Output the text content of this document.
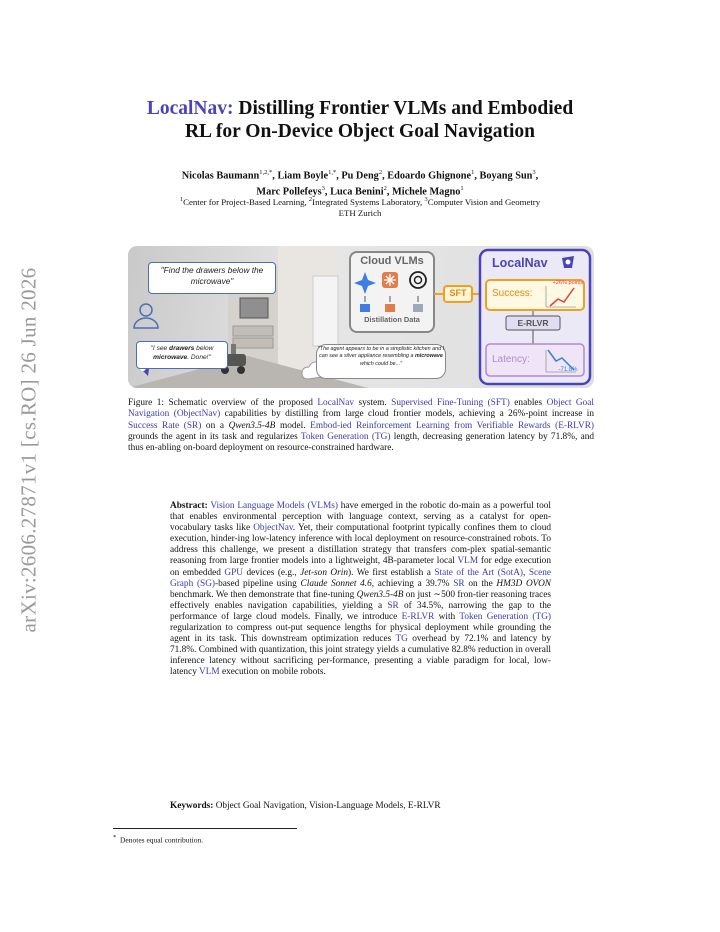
arXiv:2606.27871v1 [cs.RO] 26 Jun 2026
LocalNav: Distilling Frontier VLMs and Embodied
RL for On-Device Object Goal Navigation
Nicolas Baumann$^{1,2,*}$, Liam Boyle$^{1,*}$, Pu Deng$^2$, Edoardo Ghignone$^1$, Boyang Sun$^3$,
Marc Pollefeys$^3$, Luca Benini$^2$, Michele Magno$^1$
$^1$Center for Project-Based Learning, $^2$Integrated Systems Laboratory, $^3$Computer Vision and Geometry
ETH Zurich
"Find the drawers below the microwave"
"I see drawers below microwave. Done!"
"The agent appears to be in a simplistic kitchen and I can see a silver appliance resembling a microwave which could be..."
Cloud VLMs
Distillation Data
SFT
LocalNav
Success:
+26% points
E-RLVR
Latency:
-71.8%
Figure 1: Schematic overview of the proposed LocalNav system. Supervised Fine-Tuning (SFT) enables Object Goal Navigation (ObjectNav) capabilities by distilling from large cloud frontier models, achieving a 26%-point increase in Success Rate (SR) on a Qwen3.5-4B model. Embod-ied Reinforcement Learning from Verifiable Rewards (E-RLVR) grounds the agent in its task and regularizes Token Generation (TG) length, decreasing generation latency by 71.8%, and thus en-abling on-board deployment on resource-constrained hardware.
Abstract: Vision Language Models (VLMs) have emerged in the robotic do-main as a powerful tool that enables environmental perception with language context, serving as a catalyst for open-vocabulary tasks like ObjectNav. Yet, their computational footprint typically confines them to cloud execution, hinder-ing low-latency inference with local deployment on resource-constrained robots. To address this challenge, we present a distillation strategy that transfers com-plex spatial-semantic reasoning from large frontier models into a lightweight, 4B-parameter local VLM for edge execution on embedded GPU devices (e.g., Jet-son Orin). We first establish a State of the Art (SotA), Scene Graph (SG)-based pipeline using Claude Sonnet 4.6, achieving a 39.7% SR on the HM3D OVON benchmark. We then demonstrate that fine-tuning Qwen3.5-4B on just ∼500 fron-tier reasoning traces effectively enables navigation capabilities, yielding a SR of 34.5%, narrowing the gap to the performance of large cloud models. Finally, we introduce E-RLVR with Token Generation (TG) regularization to compress out-put sequence lengths for physical deployment while grounding the agent in its task. This downstream optimization reduces TG overhead by 72.1% and latency by 71.8%. Combined with quantization, this joint strategy yields a cumulative 82.8% reduction in overall inference latency without sacrificing per-formance, presenting a viable paradigm for local, low-latency VLM execution on mobile robots.
Keywords: Object Goal Navigation, Vision-Language Models, E-RLVR
* Denotes equal contribution.
